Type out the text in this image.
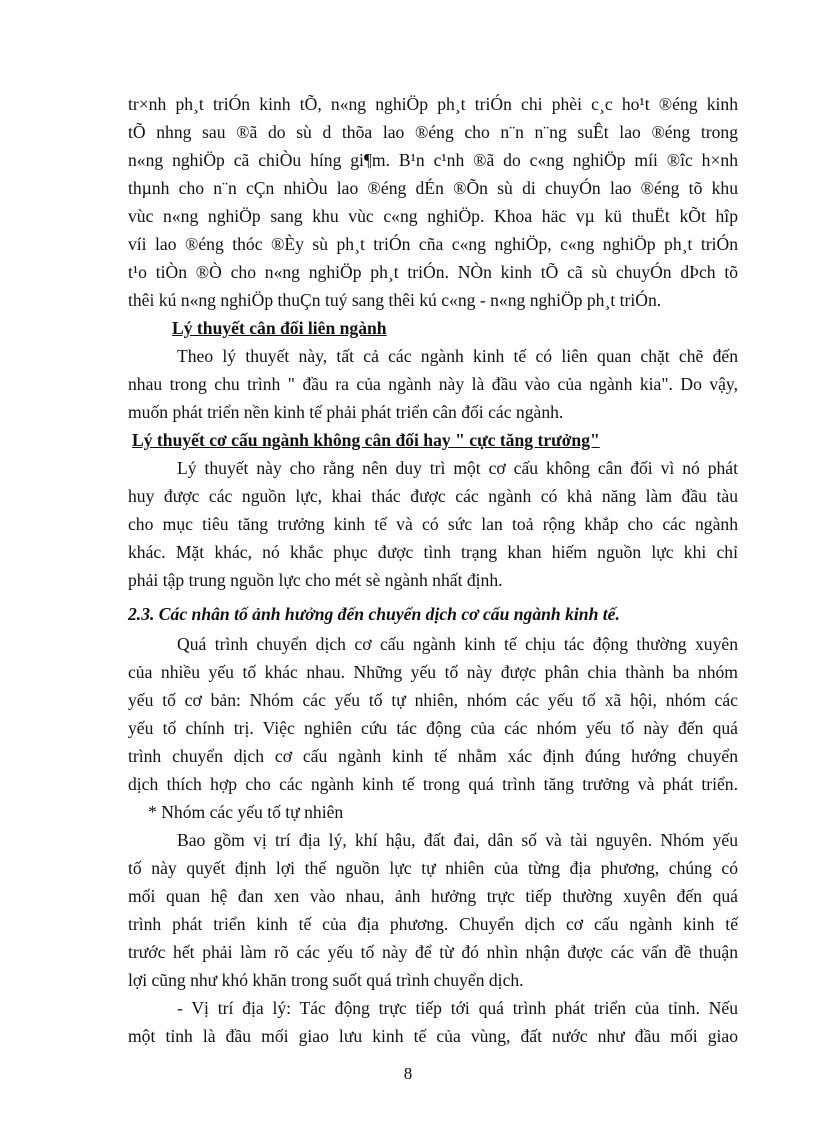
tr×nh ph¸t triÓn kinh tÕ, n«ng nghiÖp ph¸t triÓn chi phèi c¸c ho¹t ®éng kinh
tÕ nhng sau ®ã do sù d thõa lao ®éng cho n¨n n¨ng suÊt lao ®éng trong
n«ng nghiÖp cã chiÒu híng gi¶m. B¹n c¹nh ®ã do c«ng nghiÖp míi ®îc h×nh
thµnh cho n¨n cÇn nhiÒu lao ®éng dÉn ®Õn sù di chuyÓn lao ®éng tõ khu
vùc n«ng nghiÖp sang khu vùc c«ng nghiÖp. Khoa häc vµ kü thuËt kÕt hîp
víi lao ®éng thóc ®Èy sù ph¸t triÓn cña c«ng nghiÖp, c«ng nghiÖp ph¸t triÓn
t¹o tiÒn ®Ò cho n«ng nghiÖp ph¸t triÓn. NÒn kinh tÕ cã sù chuyÓn dÞch tõ
thêi kú n«ng nghiÖp thuÇn tuý sang thêi kú c«ng - n«ng nghiÖp ph¸t triÓn.
Lý thuyết cân đối liên ngành
Theo lý thuyết này, tất cả các ngành kinh tế có liên quan chặt chẽ đến
nhau trong chu trình " đầu ra của ngành này là đầu vào của ngành kia". Do vậy,
muốn phát triển nền kinh tế phải phát triển cân đối các ngành.
Lý thuyết cơ cấu ngành không cân đối hay " cực tăng trưởng"
Lý thuyết này cho rằng nên duy trì một cơ cấu không cân đối vì nó phát
huy được các nguồn lực, khai thác được các ngành có khả năng làm đầu tàu
cho mục tiêu tăng trưởng kinh tế và có sức lan toả rộng khắp cho các ngành
khác. Mặt khác, nó khắc phục được tình trạng khan hiếm nguồn lực khi chỉ
phải tập trung nguồn lực cho mét sè ngành nhất định.
2.3. Các nhân tố ảnh hưởng đến chuyển dịch cơ cấu ngành kinh tế.
Quá trình chuyển dịch cơ cấu ngành kinh tế chịu tác động thường xuyên
của nhiều yếu tố khác nhau. Những yếu tố này được phân chia thành ba nhóm
yếu tố cơ bản: Nhóm các yếu tố tự nhiên, nhóm các yếu tố xã hội, nhóm các
yếu tố chính trị. Việc nghiên cứu tác động của các nhóm yếu tố này đến quá
trình chuyển dịch cơ cấu ngành kinh tế nhằm xác định đúng hướng chuyển
dịch thích hợp cho các ngành kinh tế trong quá trình tăng trưởng và phát triển.
* Nhóm các yếu tố tự nhiên
Bao gồm vị trí địa lý, khí hậu, đất đai, dân số và tài nguyên. Nhóm yếu
tố này quyết định lợi thế nguồn lực tự nhiên của từng địa phương, chúng có
mối quan hệ đan xen vào nhau, ảnh hưởng trực tiếp thường xuyên đến quá
trình phát triển kinh tế của địa phương. Chuyển dịch cơ cấu ngành kinh tế
trước hết phải làm rõ các yếu tố này để từ đó nhìn nhận được các vấn đề thuận
lợi cũng như khó khăn trong suốt quá trình chuyển dịch.
- Vị trí địa lý: Tác động trực tiếp tới quá trình phát triển của tỉnh. Nếu
một tỉnh là đầu mối giao lưu kinh tế của vùng, đất nước như đầu mối giao
8
